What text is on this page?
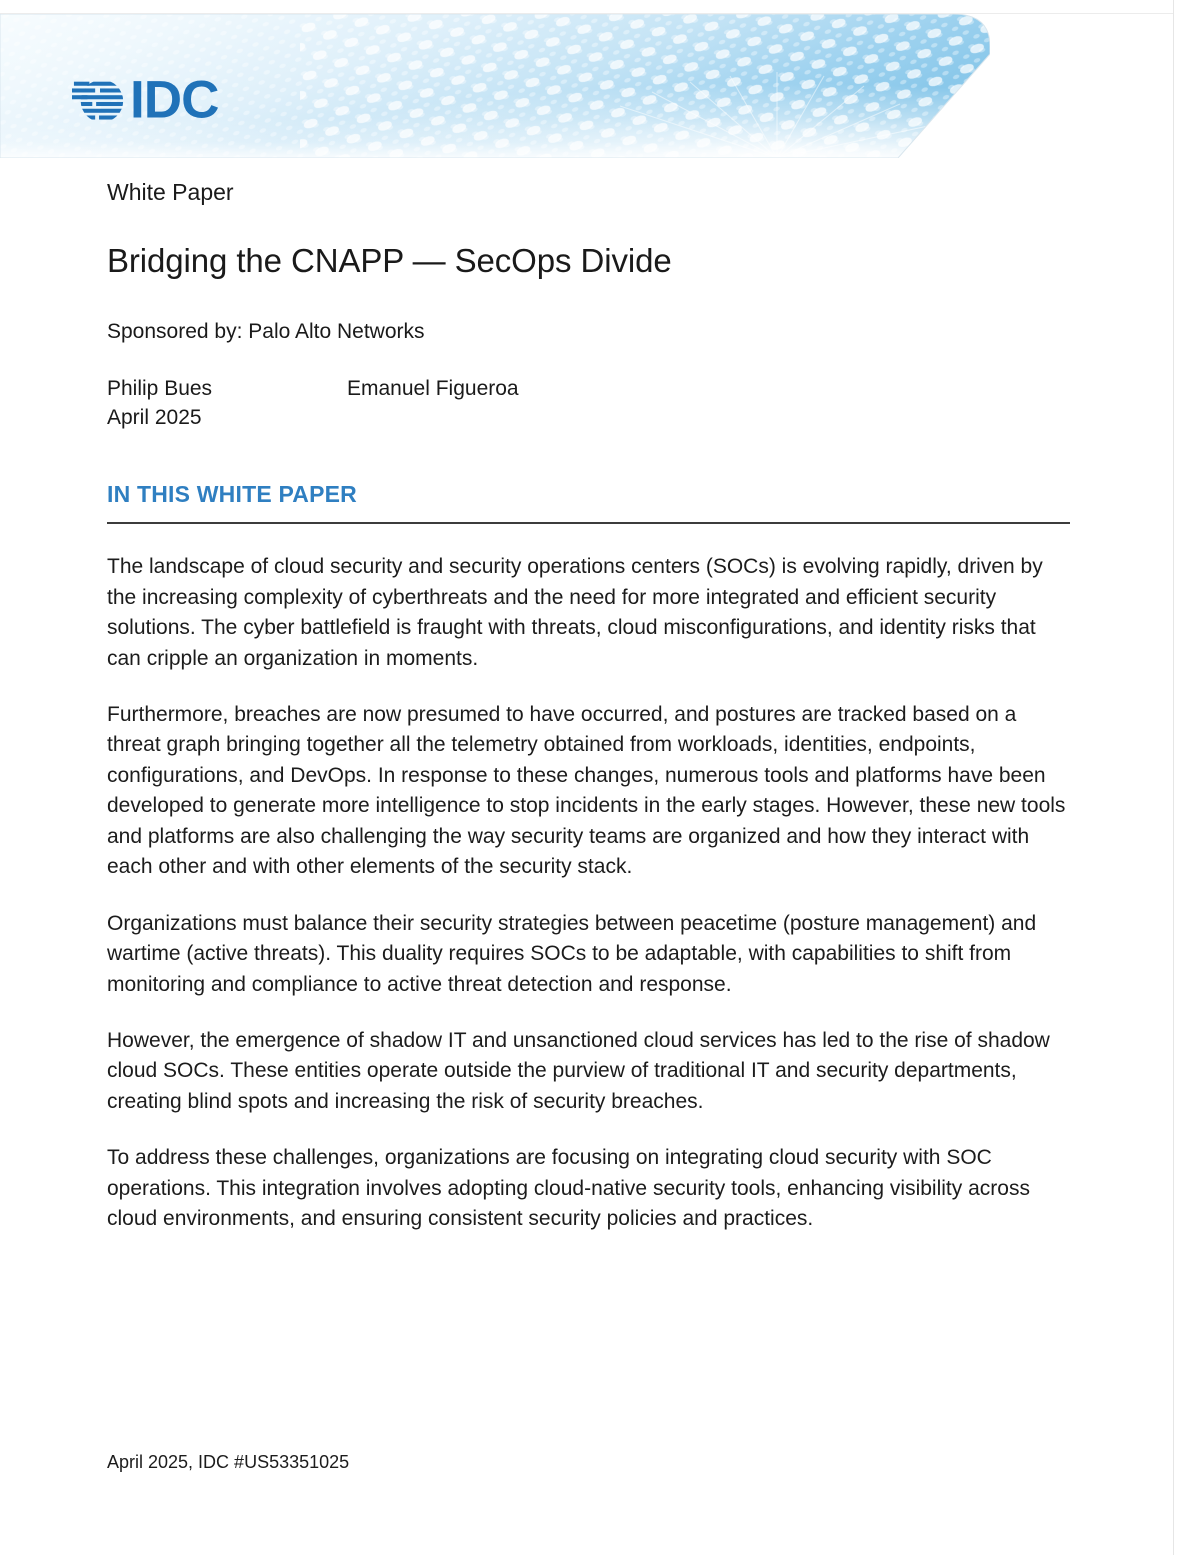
IDC

White Paper

Bridging the CNAPP — SecOps Divide

Sponsored by: Palo Alto Networks

Philip Bues	Emanuel Figueroa
April 2025
IN THIS WHITE PAPER

The landscape of cloud security and security operations centers (SOCs) is evolving rapidly, driven by the increasing complexity of cyberthreats and the need for more integrated and efficient security solutions. The cyber battlefield is fraught with threats, cloud misconfigurations, and identity risks that can cripple an organization in moments.

Furthermore, breaches are now presumed to have occurred, and postures are tracked based on a threat graph bringing together all the telemetry obtained from workloads, identities, endpoints, configurations, and DevOps. In response to these changes, numerous tools and platforms have been developed to generate more intelligence to stop incidents in the early stages. However, these new tools and platforms are also challenging the way security teams are organized and how they interact with each other and with other elements of the security stack.

Organizations must balance their security strategies between peacetime (posture management) and wartime (active threats). This duality requires SOCs to be adaptable, with capabilities to shift from monitoring and compliance to active threat detection and response.

However, the emergence of shadow IT and unsanctioned cloud services has led to the rise of shadow cloud SOCs. These entities operate outside the purview of traditional IT and security departments, creating blind spots and increasing the risk of security breaches.

To address these challenges, organizations are focusing on integrating cloud security with SOC operations. This integration involves adopting cloud-native security tools, enhancing visibility across cloud environments, and ensuring consistent security policies and practices.

April 2025, IDC #US53351025
